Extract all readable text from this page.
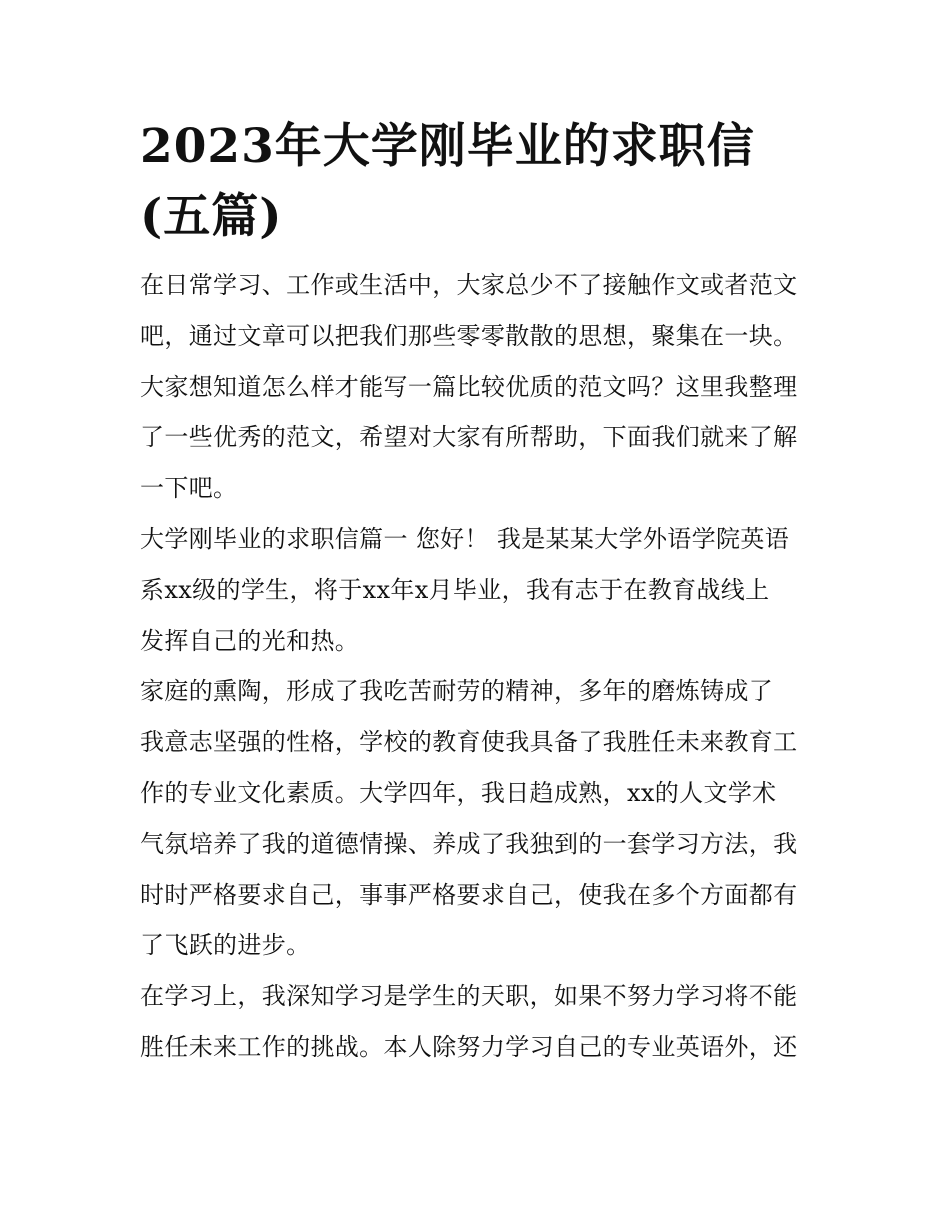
2023年大学刚毕业的求职信
(五篇)

在日常学习、工作或生活中，大家总少不了接触作文或者范文
吧，通过文章可以把我们那些零零散散的思想，聚集在一块。
大家想知道怎么样才能写一篇比较优质的范文吗？这里我整理
了一些优秀的范文，希望对大家有所帮助，下面我们就来了解
一下吧。

大学刚毕业的求职信篇一 您好！ 我是某某大学外语学院英语
系xx级的学生，将于xx年x月毕业，我有志于在教育战线上
发挥自己的光和热。

家庭的熏陶，形成了我吃苦耐劳的精神，多年的磨炼铸成了
我意志坚强的性格，学校的教育使我具备了我胜任未来教育工
作的专业文化素质。大学四年，我日趋成熟，xx的人文学术
气氛培养了我的道德情操、养成了我独到的一套学习方法，我
时时严格要求自己，事事严格要求自己，使我在多个方面都有
了飞跃的进步。

在学习上，我深知学习是学生的天职，如果不努力学习将不能
胜任未来工作的挑战。本人除努力学习自己的专业英语外，还
